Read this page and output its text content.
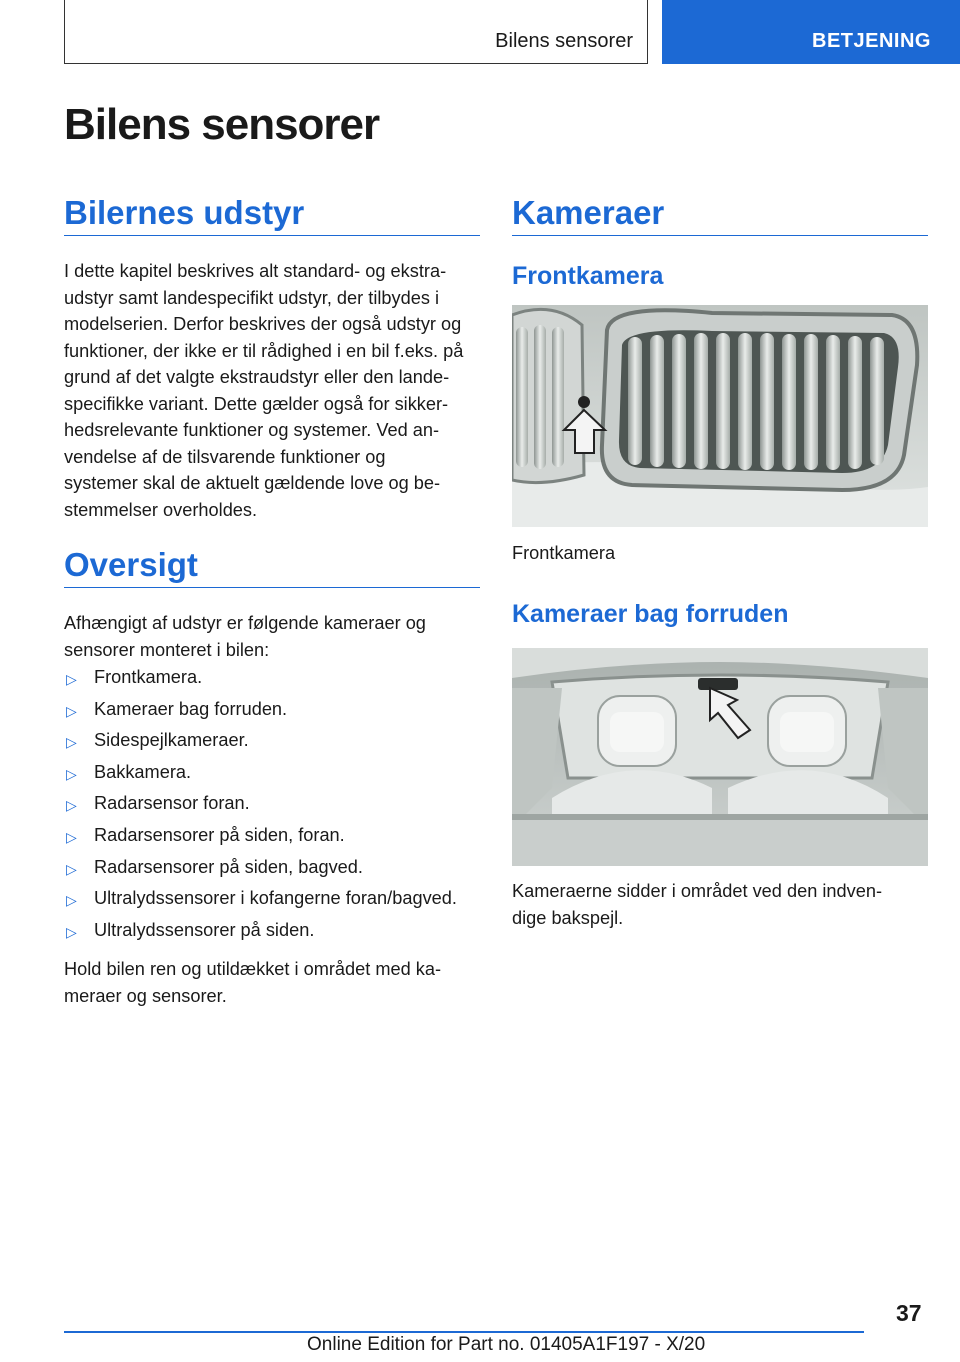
Bilens sensorer	BETJENING
Bilens sensorer
Bilernes udstyr

I dette kapitel beskrives alt standard- og ekstra-
udstyr samt landespecifikt udstyr, der tilbydes i
modelserien. Derfor beskrives der også udstyr og
funktioner, der ikke er til rådighed i en bil f.eks. på
grund af det valgte ekstraudstyr eller den lande-
specifikke variant. Dette gælder også for sikker-
hedsrelevante funktioner og systemer. Ved an-
vendelse af de tilsvarende funktioner og
systemer skal de aktuelt gældende love og be-
stemmelser overholdes.

Oversigt

Afhængigt af udstyr er følgende kameraer og
sensorer monteret i bilen:

▷ Frontkamera.
▷ Kameraer bag forruden.
▷ Sidespejlkameraer.
▷ Bakkamera.
▷ Radarsensor foran.
▷ Radarsensorer på siden, foran.
▷ Radarsensorer på siden, bagved.
▷ Ultralydssensorer i kofangerne foran/bagved.
▷ Ultralydssensorer på siden.

Hold bilen ren og utildækket i området med ka-
meraer og sensorer.

Kameraer
Frontkamera

Frontkamera

Kameraer bag forruden

Kameraerne sidder i området ved den indven-
dige bakspejl.

37
Online Edition for Part no. 01405A1F197 - X/20
